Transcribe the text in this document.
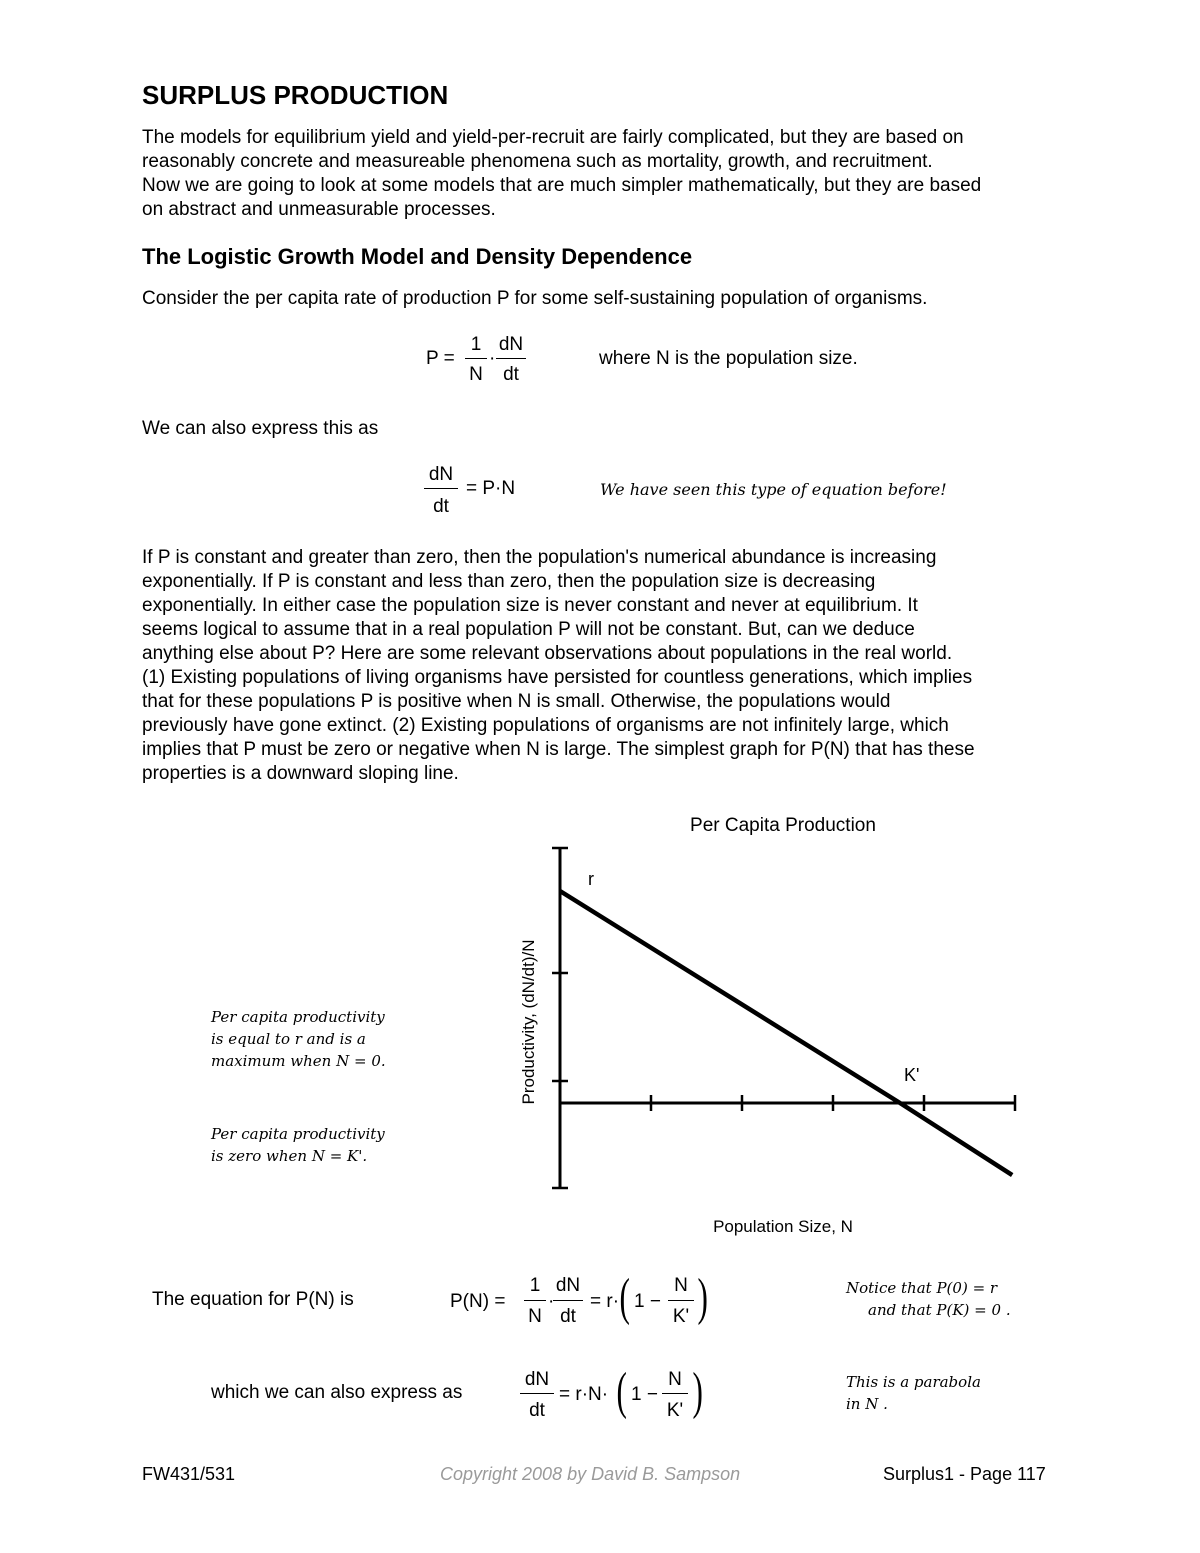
SURPLUS PRODUCTION

The models for equilibrium yield and yield-per-recruit are fairly complicated, but they are based on

reasonably concrete and measureable phenomena such as mortality, growth, and recruitment.

Now we are going to look at some models that are much simpler mathematically, but they are based

on abstract and unmeasurable processes.

The Logistic Growth Model and Density Dependence

Consider the per capita rate of production P for some self-sustaining population of organisms.

P =
1
N
·
dN
dt
where N is the population size.

We can also express this as

dN
dt
= P·N	We have seen this type of equation before!

If P is constant and greater than zero, then the population's numerical abundance is increasing

exponentially. If P is constant and less than zero, then the population size is decreasing

exponentially. In either case the population size is never constant and never at equilibrium. It

seems logical to assume that in a real population P will not be constant. But, can we deduce

anything else about P? Here are some relevant observations about populations in the real world.

(1) Existing populations of living organisms have persisted for countless generations, which implies

that for these populations P is positive when N is small. Otherwise, the populations would

previously have gone extinct. (2) Existing populations of organisms are not infinitely large, which

implies that P must be zero or negative when N is large. The simplest graph for P(N) that has these

properties is a downward sloping line.

Per Capita Production
Population Size, N
Productivity, (dN/dt)/N
r
K'
Per capita productivity
is equal to r and is a
maximum when N = 0.
Per capita productivity
is zero when N = K'.
The equation for P(N) is	P(N) =
1
N
·
dN
dt
= r· ( 1 −
N
K' )	Notice that P(0) = r
and that P(K) = 0 .
which we can also express as
dN
dt
= r·N· ( 1 −
N
K' )	This is a parabola
in N .
FW431/531	Copyright 2008 by David B. Sampson	Surplus1 - Page 117
